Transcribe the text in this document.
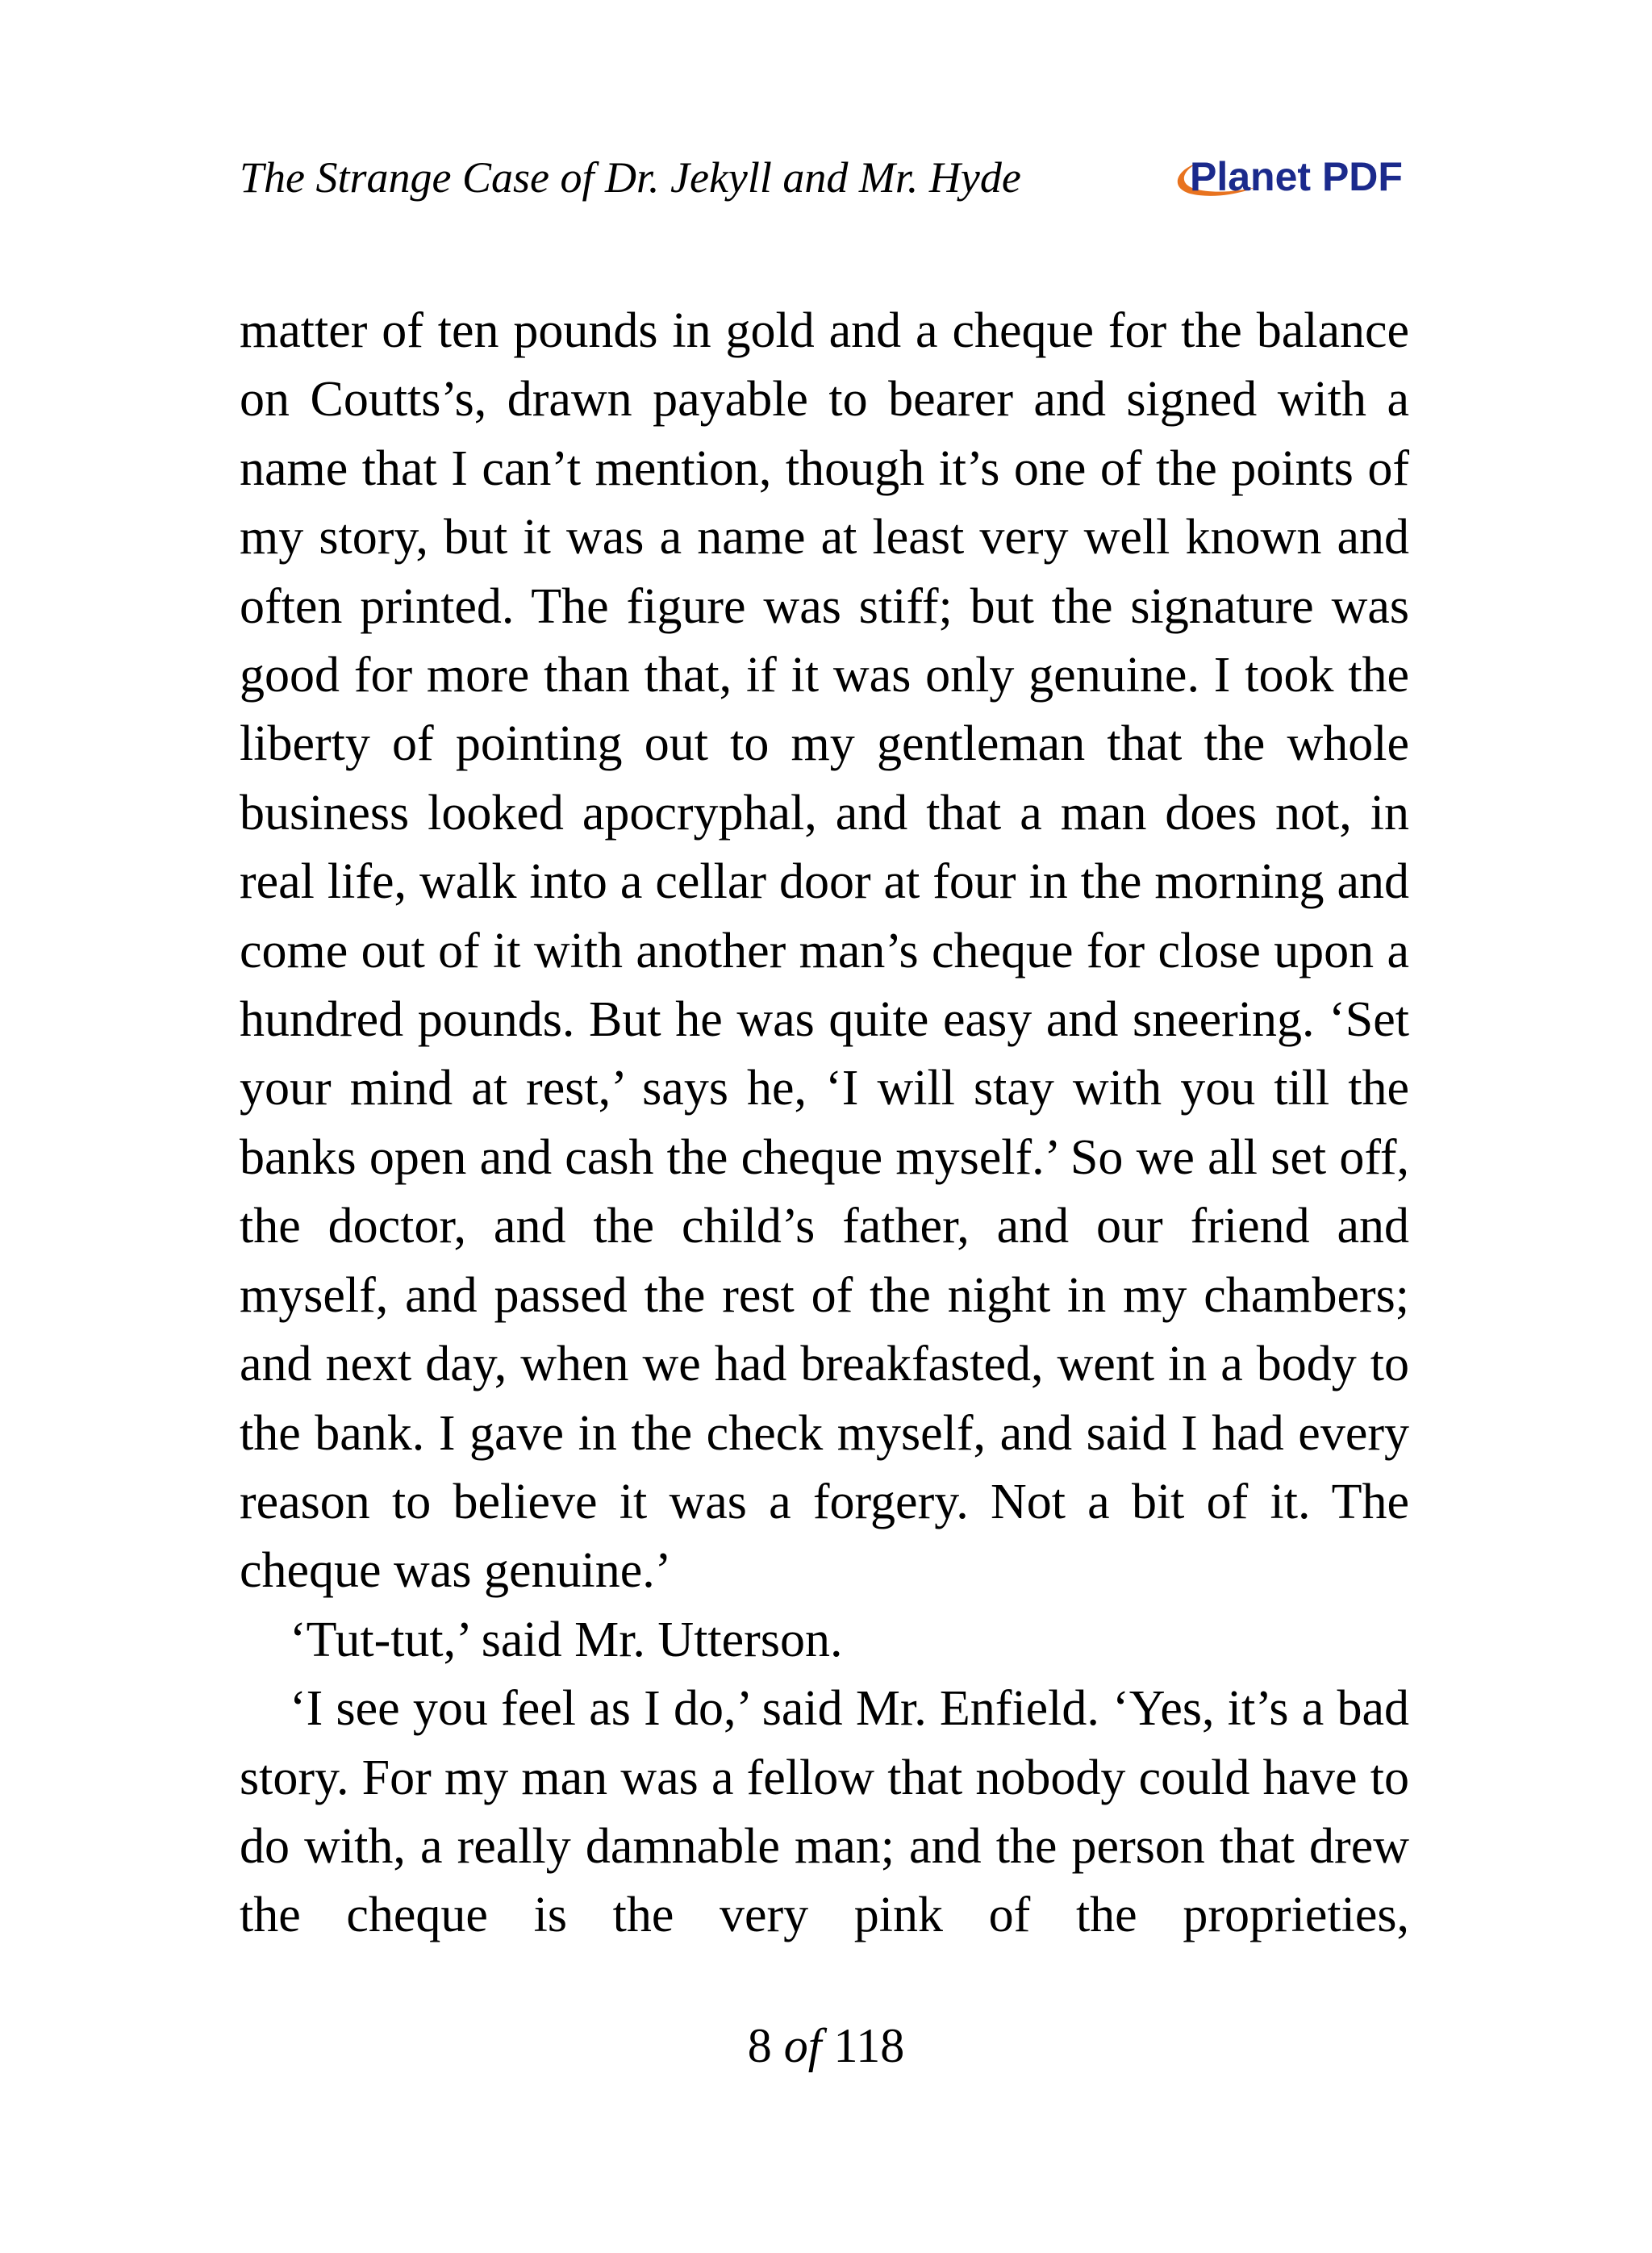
The Strange Case of Dr. Jekyll and Mr. Hyde	Planet PDF

matter of ten pounds in gold and a cheque for the balance on Coutts’s, drawn payable to bearer and signed with a name that I can’t mention, though it’s one of the points of my story, but it was a name at least very well known and often printed. The figure was stiff; but the signature was good for more than that, if it was only genuine. I took the liberty of pointing out to my gentleman that the whole business looked apocryphal, and that a man does not, in real life, walk into a cellar door at four in the morning and come out of it with another man’s cheque for close upon a hundred pounds. But he was quite easy and sneering. ‘Set your mind at rest,’ says he, ‘I will stay with you till the banks open and cash the cheque myself.’ So we all set off, the doctor, and the child’s father, and our friend and myself, and passed the rest of the night in my chambers; and next day, when we had breakfasted, went in a body to the bank. I gave in the check myself, and said I had every reason to believe it was a forgery. Not a bit of it. The cheque was genuine.’

‘Tut-tut,’ said Mr. Utterson.

‘I see you feel as I do,’ said Mr. Enfield. ‘Yes, it’s a bad story. For my man was a fellow that nobody could have to do with, a really damnable man; and the person that drew the cheque is the very pink of the proprieties,

8 of 118
